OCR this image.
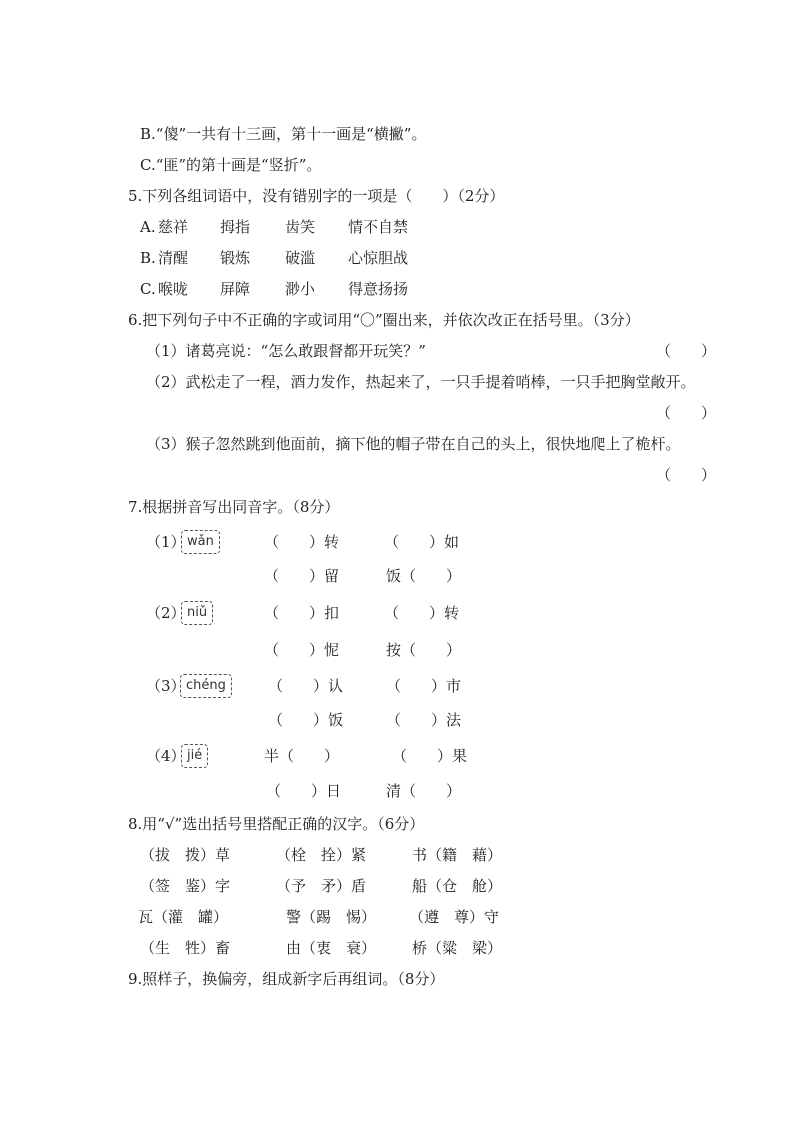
B.“傻”一共有十三画，第十一画是“横撇”。
C.“匪”的第十画是“竖折”。
5.下列各组词语中，没有错别字的一项是（　　）（2分）
A. 慈祥 拇指 齿笑 情不自禁
B. 清醒 锻炼 破滥 心惊胆战
C. 喉咙 屏障 渺小 得意扬扬
6.把下列句子中不正确的字或词用“〇”圈出来，并依次改正在括号里。（3分）
（1）诸葛亮说：“怎么敢跟督都开玩笑？”	（　　）
（2）武松走了一程，酒力发作，热起来了，一只手提着哨棒，一只手把胸堂敞开。
（　　）
（3）猴子忽然跳到他面前，摘下他的帽子带在自己的头上，很快地爬上了桅杆。
（　　）
7.根据拼音写出同音字。（8分）
（1） wǎn	（　　）转	（　　）如
（　　）留	饭（　　）
（2） niǔ	（　　）扣	（　　）转
（　　）怩	按（　　）
（3） chéng	（　　）认	（　　）市
（　　）饭	（　　）法
（4） jié	半（　　）	（　　）果
（　　）日	清（　　）
8.用“√”选出括号里搭配正确的汉字。（6分）
（拔　拨）草	（栓　拴）紧	书（籍　藉）
（签　鉴）字	（予　矛）盾	船（仓　舱）
瓦（灌　罐）	警（踢　惕） （遵　尊）守
（生　牲）畜	由（衷　衰） 桥（粱　梁）
9.照样子，换偏旁，组成新字后再组词。（8分）
